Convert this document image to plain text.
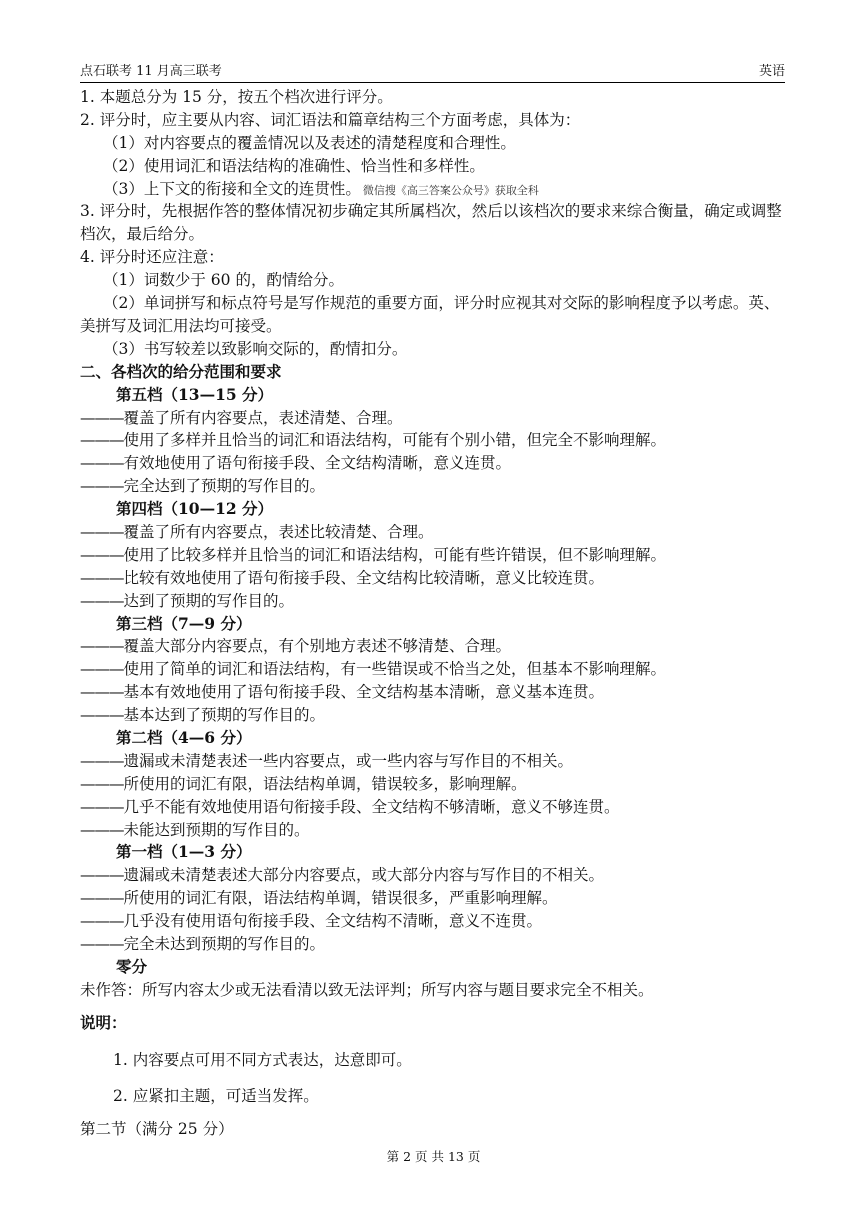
点石联考 11 月高三联考	英语
1. 本题总分为 15 分，按五个档次进行评分。
2. 评分时，应主要从内容、词汇语法和篇章结构三个方面考虑，具体为：
（1）对内容要点的覆盖情况以及表述的清楚程度和合理性。
（2）使用词汇和语法结构的准确性、恰当性和多样性。
（3）上下文的衔接和全文的连贯性。 微信搜《高三答案公众号》获取全科
3. 评分时，先根据作答的整体情况初步确定其所属档次，然后以该档次的要求来综合衡量，确定或调整档次，最后给分。
4. 评分时还应注意：
（1）词数少于 60 的，酌情给分。
（2）单词拼写和标点符号是写作规范的重要方面，评分时应视其对交际的影响程度予以考虑。英、美拼写及词汇用法均可接受。
（3）书写较差以致影响交际的，酌情扣分。
二、各档次的给分范围和要求
第五档（13—15 分）
———覆盖了所有内容要点，表述清楚、合理。
———使用了多样并且恰当的词汇和语法结构，可能有个别小错，但完全不影响理解。
———有效地使用了语句衔接手段、全文结构清晰，意义连贯。
———完全达到了预期的写作目的。
第四档（10—12 分）
———覆盖了所有内容要点，表述比较清楚、合理。
———使用了比较多样并且恰当的词汇和语法结构，可能有些许错误，但不影响理解。
———比较有效地使用了语句衔接手段、全文结构比较清晰，意义比较连贯。
———达到了预期的写作目的。
第三档（7—9 分）
———覆盖大部分内容要点，有个别地方表述不够清楚、合理。
———使用了简单的词汇和语法结构，有一些错误或不恰当之处，但基本不影响理解。
———基本有效地使用了语句衔接手段、全文结构基本清晰，意义基本连贯。
———基本达到了预期的写作目的。
第二档（4—6 分）
———遗漏或未清楚表述一些内容要点，或一些内容与写作目的不相关。
———所使用的词汇有限，语法结构单调，错误较多，影响理解。
———几乎不能有效地使用语句衔接手段、全文结构不够清晰，意义不够连贯。
———未能达到预期的写作目的。
第一档（1—3 分）
———遗漏或未清楚表述大部分内容要点，或大部分内容与写作目的不相关。
———所使用的词汇有限，语法结构单调，错误很多，严重影响理解。
———几乎没有使用语句衔接手段、全文结构不清晰，意义不连贯。
———完全未达到预期的写作目的。
零分
未作答：所写内容太少或无法看清以致无法评判；所写内容与题目要求完全不相关。
说明：
1. 内容要点可用不同方式表达，达意即可。
2. 应紧扣主题，可适当发挥。
第二节（满分 25 分）
第 2 页 共 13 页
